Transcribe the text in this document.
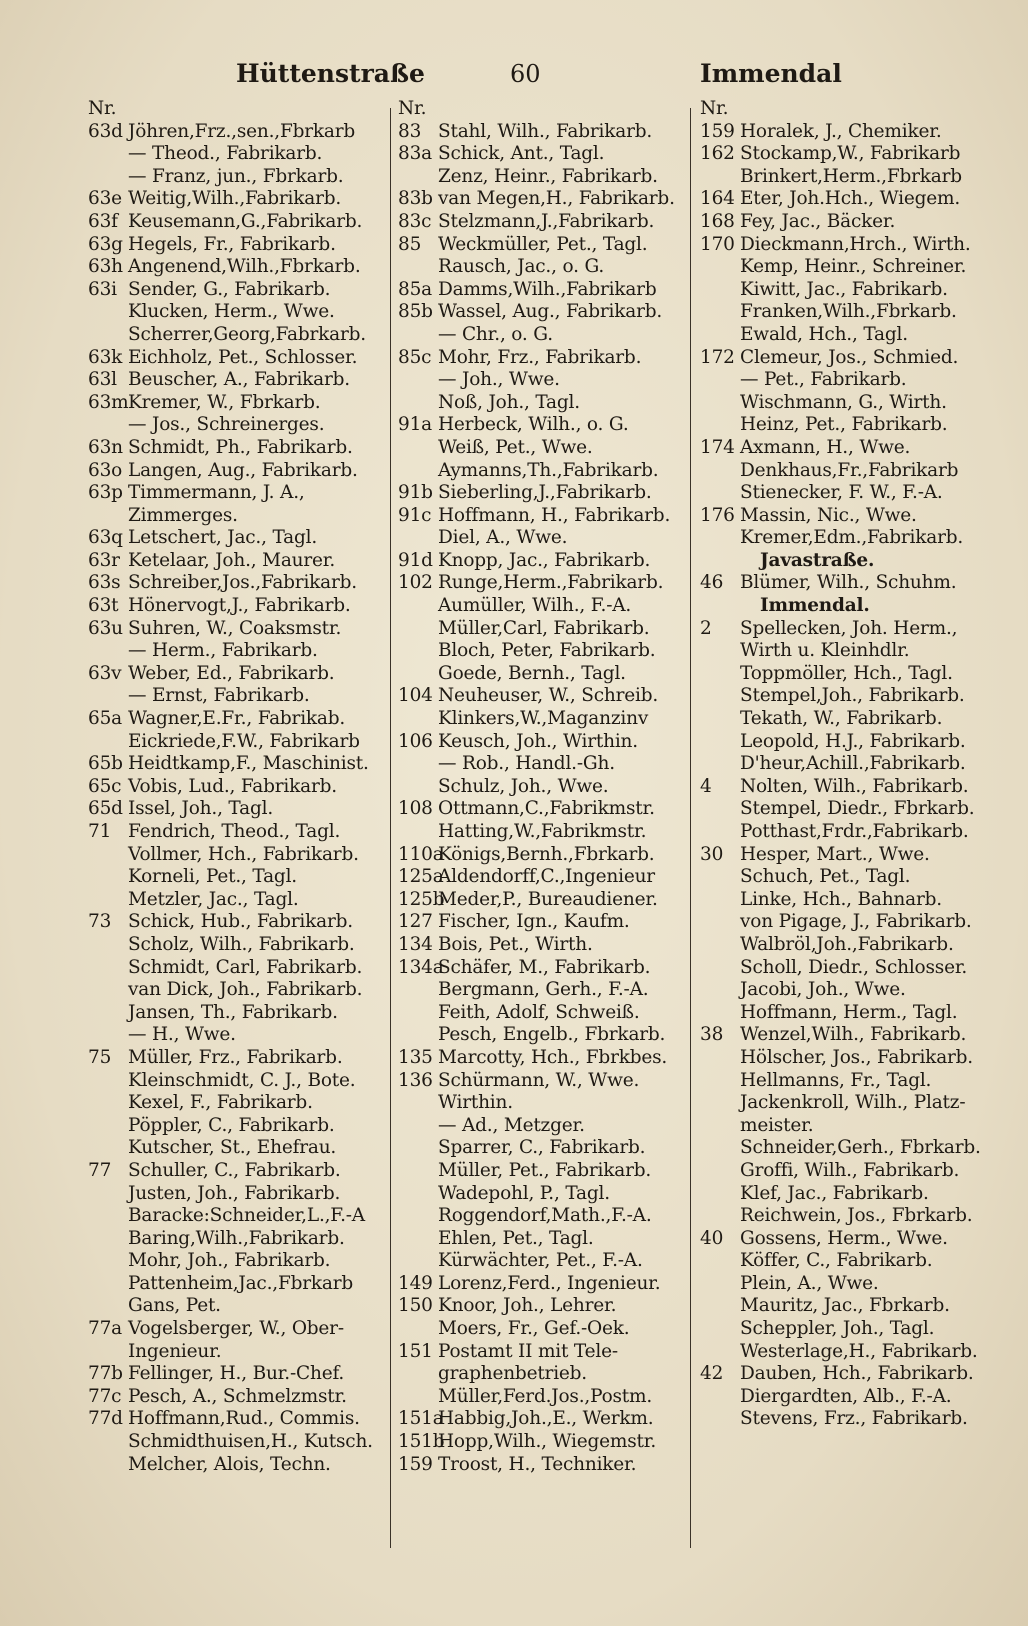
Hüttenstraße	60	Immendal
Nr.
63d Jöhren,Frz.,sen.,Fbrkarb
— Theod., Fabrikarb.
— Franz, jun., Fbrkarb.
63e Weitig,Wilh.,Fabrikarb.
63f Keusemann,G.,Fabrikarb.
63g Hegels, Fr., Fabrikarb.
63h Angenend,Wilh.,Fbrkarb.
63i Sender, G., Fabrikarb.
Klucken, Herm., Wwe.
Scherrer,Georg,Fabrkarb.
63k Eichholz, Pet., Schlosser.
63l Beuscher, A., Fabrikarb.
63mKremer, W., Fbrkarb.
— Jos., Schreinerges.
63n Schmidt, Ph., Fabrikarb.
63o Langen, Aug., Fabrikarb.
63p Timmermann, J. A.,
Zimmerges.
63q Letschert, Jac., Tagl.
63r Ketelaar, Joh., Maurer.
63s Schreiber,Jos.,Fabrikarb.
63t Hönervogt,J., Fabrikarb.
63u Suhren, W., Coaksmstr.
— Herm., Fabrikarb.
63v Weber, Ed., Fabrikarb.
— Ernst, Fabrikarb.
65a Wagner,E.Fr., Fabrikab.
Eickriede,F.W., Fabrikarb
65b Heidtkamp,F., Maschinist.
65c Vobis, Lud., Fabrikarb.
65d Issel, Joh., Tagl.
71 Fendrich, Theod., Tagl.
Vollmer, Hch., Fabrikarb.
Korneli, Pet., Tagl.
Metzler, Jac., Tagl.
73 Schick, Hub., Fabrikarb.
Scholz, Wilh., Fabrikarb.
Schmidt, Carl, Fabrikarb.
van Dick, Joh., Fabrikarb.
Jansen, Th., Fabrikarb.
— H., Wwe.
75 Müller, Frz., Fabrikarb.
Kleinschmidt, C. J., Bote.
Kexel, F., Fabrikarb.
Pöppler, C., Fabrikarb.
Kutscher, St., Ehefrau.
77 Schuller, C., Fabrikarb.
Justen, Joh., Fabrikarb.
Baracke:Schneider,L.,F.-A
Baring,Wilh.,Fabrikarb.
Mohr, Joh., Fabrikarb.
Pattenheim,Jac.,Fbrkarb
Gans, Pet.
77a Vogelsberger, W., Ober-
Ingenieur.
77b Fellinger, H., Bur.-Chef.
77c Pesch, A., Schmelzmstr.
77d Hoffmann,Rud., Commis.
Schmidthuisen,H., Kutsch.
Melcher, Alois, Techn.
Nr.
83 Stahl, Wilh., Fabrikarb.
83a Schick, Ant., Tagl.
Zenz, Heinr., Fabrikarb.
83b van Megen,H., Fabrikarb.
83c Stelzmann,J.,Fabrikarb.
85 Weckmüller, Pet., Tagl.
Rausch, Jac., o. G.
85a Damms,Wilh.,Fabrikarb
85b Wassel, Aug., Fabrikarb.
— Chr., o. G.
85c Mohr, Frz., Fabrikarb.
— Joh., Wwe.
Noß, Joh., Tagl.
91a Herbeck, Wilh., o. G.
Weiß, Pet., Wwe.
Aymanns,Th.,Fabrikarb.
91b Sieberling,J.,Fabrikarb.
91c Hoffmann, H., Fabrikarb.
Diel, A., Wwe.
91d Knopp, Jac., Fabrikarb.
102 Runge,Herm.,Fabrikarb.
Aumüller, Wilh., F.-A.
Müller,Carl, Fabrikarb.
Bloch, Peter, Fabrikarb.
Goede, Bernh., Tagl.
104 Neuheuser, W., Schreib.
Klinkers,W.,Maganzinv
106 Keusch, Joh., Wirthin.
— Rob., Handl.-Gh.
Schulz, Joh., Wwe.
108 Ottmann,C.,Fabrikmstr.
Hatting,W.,Fabrikmstr.
110aKönigs,Bernh.,Fbrkarb.
125aAldendorff,C.,Ingenieur
125bMeder,P., Bureaudiener.
127 Fischer, Ign., Kaufm.
134 Bois, Pet., Wirth.
134aSchäfer, M., Fabrikarb.
Bergmann, Gerh., F.-A.
Feith, Adolf, Schweiß.
Pesch, Engelb., Fbrkarb.
135 Marcotty, Hch., Fbrkbes.
136 Schürmann, W., Wwe.
Wirthin.
— Ad., Metzger.
Sparrer, C., Fabrikarb.
Müller, Pet., Fabrikarb.
Wadepohl, P., Tagl.
Roggendorf,Math.,F.-A.
Ehlen, Pet., Tagl.
Kürwächter, Pet., F.-A.
149 Lorenz,Ferd., Ingenieur.
150 Knoor, Joh., Lehrer.
Moers, Fr., Gef.-Oek.
151 Postamt II mit Tele-
graphenbetrieb.
Müller,Ferd.Jos.,Postm.
151aHabbig,Joh.,E., Werkm.
151bHopp,Wilh., Wiegemstr.
159 Troost, H., Techniker.
Nr.
159 Horalek, J., Chemiker.
162 Stockamp,W., Fabrikarb
Brinkert,Herm.,Fbrkarb
164 Eter, Joh.Hch., Wiegem.
168 Fey, Jac., Bäcker.
170 Dieckmann,Hrch., Wirth.
Kemp, Heinr., Schreiner.
Kiwitt, Jac., Fabrikarb.
Franken,Wilh.,Fbrkarb.
Ewald, Hch., Tagl.
172 Clemeur, Jos., Schmied.
— Pet., Fabrikarb.
Wischmann, G., Wirth.
Heinz, Pet., Fabrikarb.
174 Axmann, H., Wwe.
Denkhaus,Fr.,Fabrikarb
Stienecker, F. W., F.-A.
176 Massin, Nic., Wwe.
Kremer,Edm.,Fabrikarb.
Javastraße.
46 Blümer, Wilh., Schuhm.
Immendal.
2 Spellecken, Joh. Herm.,
Wirth u. Kleinhdlr.
Toppmöller, Hch., Tagl.
Stempel,Joh., Fabrikarb.
Tekath, W., Fabrikarb.
Leopold, H.J., Fabrikarb.
D'heur,Achill.,Fabrikarb.
4 Nolten, Wilh., Fabrikarb.
Stempel, Diedr., Fbrkarb.
Potthast,Frdr.,Fabrikarb.
30 Hesper, Mart., Wwe.
Schuch, Pet., Tagl.
Linke, Hch., Bahnarb.
von Pigage, J., Fabrikarb.
Walbröl,Joh.,Fabrikarb.
Scholl, Diedr., Schlosser.
Jacobi, Joh., Wwe.
Hoffmann, Herm., Tagl.
38 Wenzel,Wilh., Fabrikarb.
Hölscher, Jos., Fabrikarb.
Hellmanns, Fr., Tagl.
Jackenkroll, Wilh., Platz-
meister.
Schneider,Gerh., Fbrkarb.
Groffi, Wilh., Fabrikarb.
Klef, Jac., Fabrikarb.
Reichwein, Jos., Fbrkarb.
40 Gossens, Herm., Wwe.
Köffer, C., Fabrikarb.
Plein, A., Wwe.
Mauritz, Jac., Fbrkarb.
Scheppler, Joh., Tagl.
Westerlage,H., Fabrikarb.
42 Dauben, Hch., Fabrikarb.
Diergardten, Alb., F.-A.
Stevens, Frz., Fabrikarb.
